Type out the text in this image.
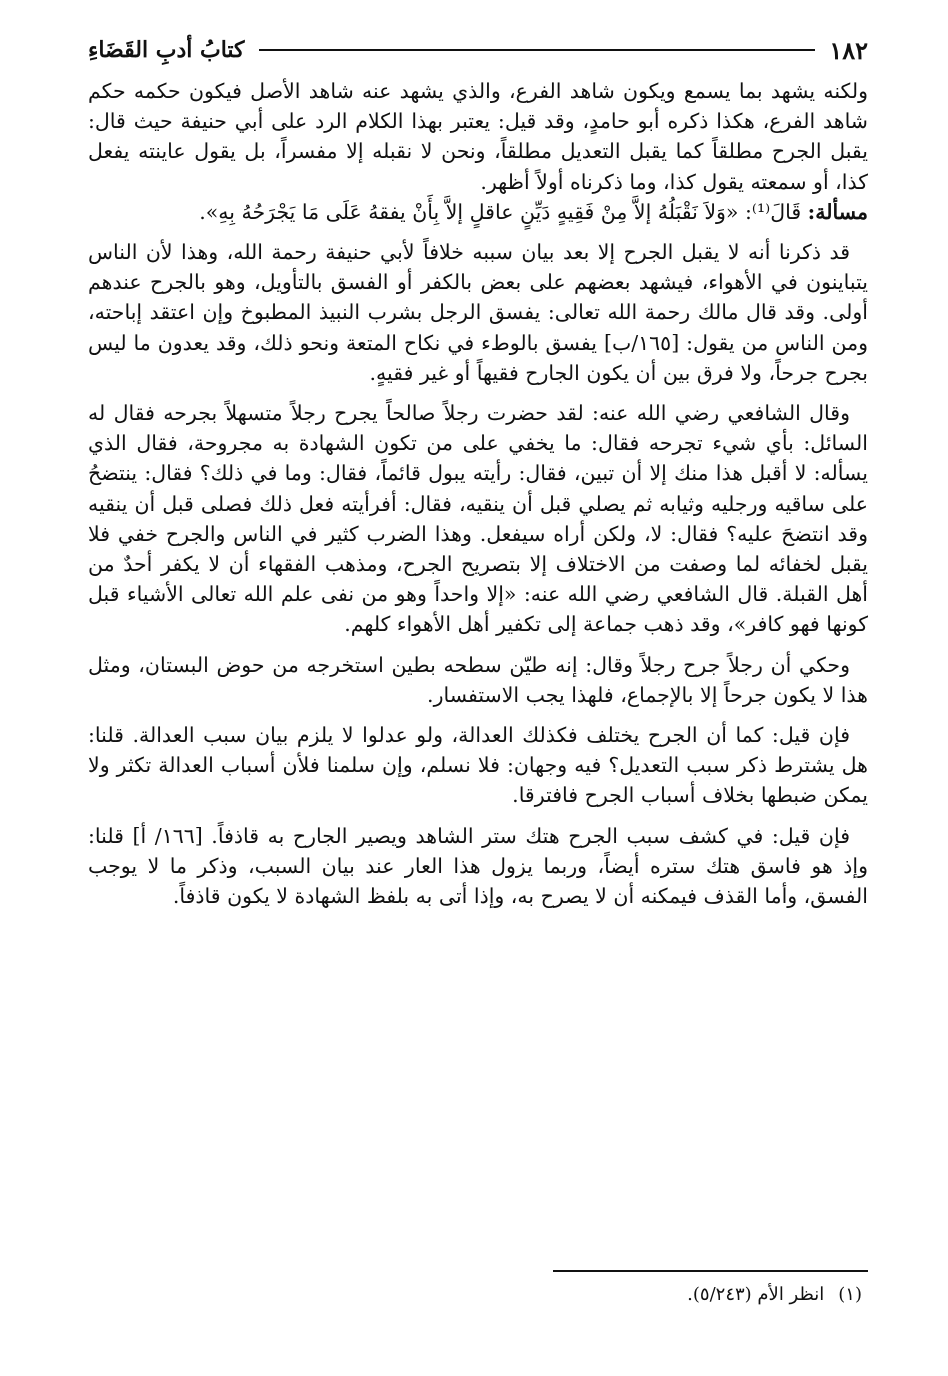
١٨٢
كتابُ أدبِ القَضَاءِ

ولكنه يشهد بما يسمع ويكون شاهد الفرع، والذي يشهد عنه شاهد الأصل فيكون حكمه حكم شاهد الفرع، هكذا ذكره أبو حامدٍ، وقد قيل: يعتبر بهذا الكلام الرد على أبي حنيفة حيث قال: يقبل الجرح مطلقاً كما يقبل التعديل مطلقاً، ونحن لا نقبله إلا مفسراً، بل يقول عاينته يفعل كذا، أو سمعته يقول كذا، وما ذكرناه أولاً أظهر.

مسألة: قَالَ⁽¹⁾: «وَلاَ نَقْبَلُهُ إلاَّ مِنْ فَقِيهٍ دَيِّنٍ عاقلٍ إلاَّ بِأَنْ يفقهُ عَلَى مَا يَجْرَحُهُ بِهِ».

قد ذكرنا أنه لا يقبل الجرح إلا بعد بيان سببه خلافاً لأبي حنيفة رحمة الله، وهذا لأن الناس يتباينون في الأهواء، فيشهد بعضهم على بعض بالكفر أو الفسق بالتأويل، وهو بالجرح عندهم أولى. وقد قال مالك رحمة الله تعالى: يفسق الرجل بشرب النبيذ المطبوخ وإن اعتقد إباحته، ومن الناس من يقول: [١٦٥/ب] يفسق بالوطء في نكاح المتعة ونحو ذلك، وقد يعدون ما ليس بجرح جرحاً، ولا فرق بين أن يكون الجارح فقيهاً أو غير فقيهٍ.

وقال الشافعي رضي الله عنه: لقد حضرت رجلاً صالحاً يجرح رجلاً متسهلاً بجرحه فقال له السائل: بأي شيء تجرحه فقال: ما يخفي على من تكون الشهادة به مجروحة، فقال الذي يسأله: لا أقبل هذا منك إلا أن تبين، فقال: رأيته يبول قائماً، فقال: وما في ذلك؟ فقال: ينتضحُ على ساقيه ورجليه وثيابه ثم يصلي قبل أن ينقيه، فقال: أفرأيته فعل ذلك فصلى قبل أن ينقيه وقد انتضحَ عليه؟ فقال: لا، ولكن أراه سيفعل. وهذا الضرب كثير في الناس والجرح خفي فلا يقبل لخفائه لما وصفت من الاختلاف إلا بتصريح الجرح، ومذهب الفقهاء أن لا يكفر أحدٌ من أهل القبلة. قال الشافعي رضي الله عنه: «إلا واحداً وهو من نفى علم الله تعالى الأشياء قبل كونها فهو كافر»، وقد ذهب جماعة إلى تكفير أهل الأهواء كلهم.

وحكي أن رجلاً جرح رجلاً وقال: إنه طيّن سطحه بطين استخرجه من حوض البستان، ومثل هذا لا يكون جرحاً إلا بالإجماع، فلهذا يجب الاستفسار.

فإن قيل: كما أن الجرح يختلف فكذلك العدالة، ولو عدلوا لا يلزم بيان سبب العدالة. قلنا: هل يشترط ذكر سبب التعديل؟ فيه وجهان: فلا نسلم، وإن سلمنا فلأن أسباب العدالة تكثر ولا يمكن ضبطها بخلاف أسباب الجرح فافترقا.

فإن قيل: في كشف سبب الجرح هتك ستر الشاهد ويصير الجارح به قاذفاً. [١٦٦/ أ] قلنا: وإذ هو فاسق هتك ستره أيضاً، وربما يزول هذا العار عند بيان السبب، وذكر ما لا يوجب الفسق، وأما القذف فيمكنه أن لا يصرح به، وإذا أتى به بلفظ الشهادة لا يكون قاذفاً.

(١)انظر الأم (٥/٢٤٣).
